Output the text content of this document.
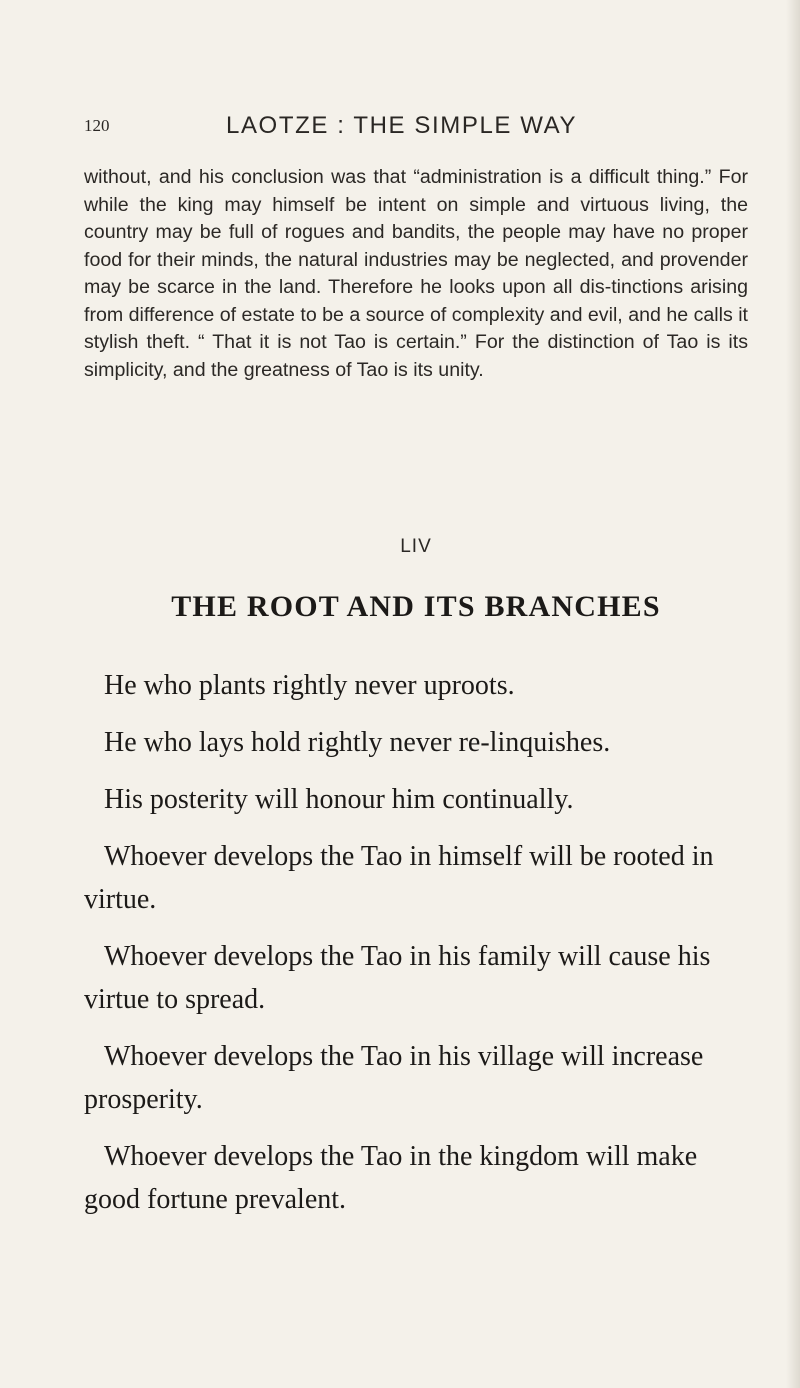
120	LAOTZE : THE SIMPLE WAY

without, and his conclusion was that “administration is a difficult thing.” For while the king may himself be intent on simple and virtuous living, the country may be full of rogues and bandits, the people may have no proper food for their minds, the natural industries may be neglected, and provender may be scarce in the land. Therefore he looks upon all dis-tinctions arising from difference of estate to be a source of complexity and evil, and he calls it stylish theft. “ That it is not Tao is certain.” For the distinction of Tao is its simplicity, and the greatness of Tao is its unity.

LIV
THE ROOT AND ITS BRANCHES

He who plants rightly never uproots.

He who lays hold rightly never re-linquishes.

His posterity will honour him continually.

Whoever develops the Tao in himself will be rooted in virtue.

Whoever develops the Tao in his family will cause his virtue to spread.

Whoever develops the Tao in his village will increase prosperity.

Whoever develops the Tao in the kingdom will make good fortune prevalent.
